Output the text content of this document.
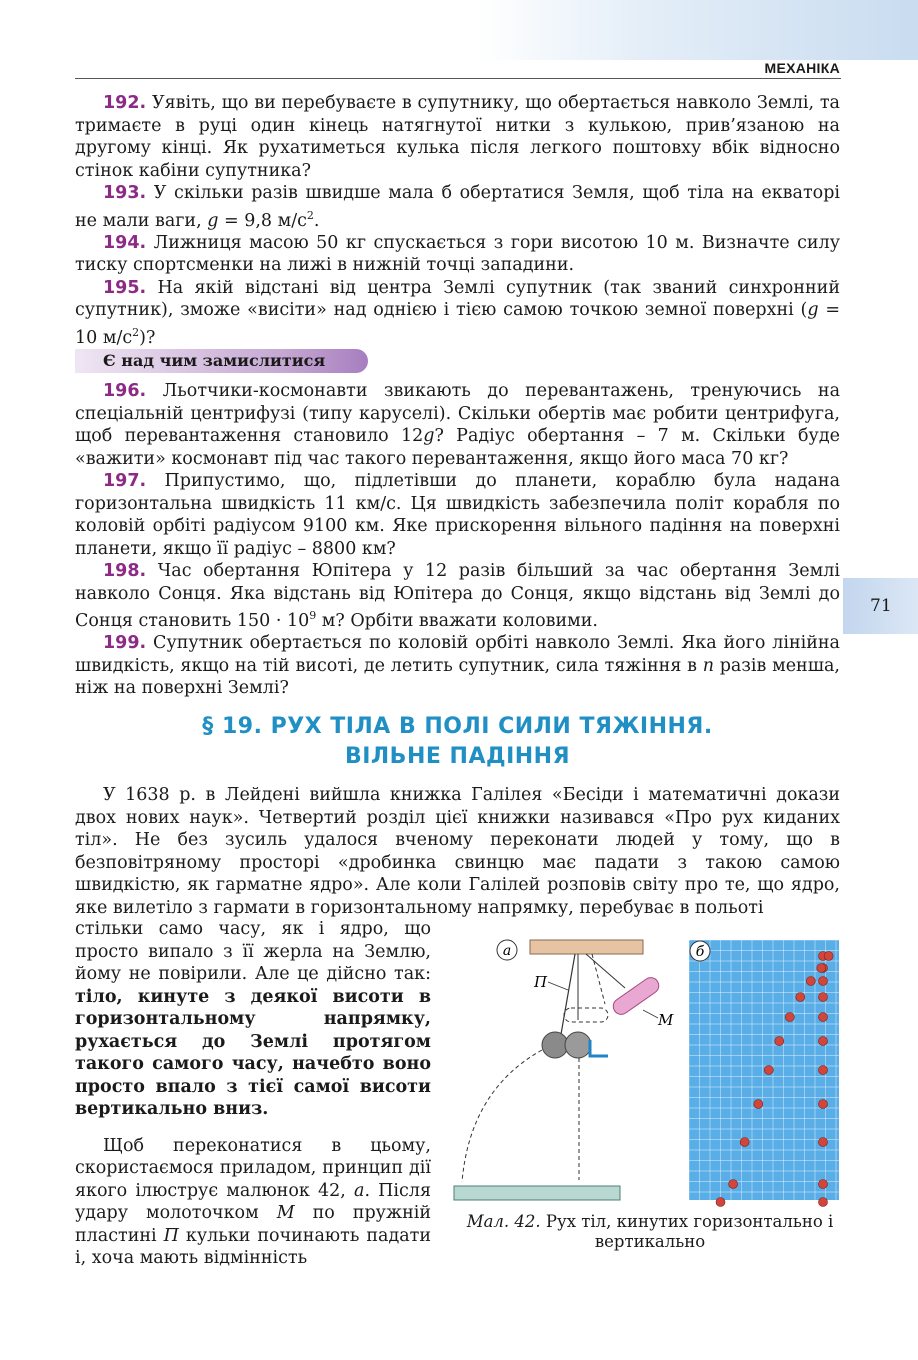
МЕХАНІКА
71

192. Уявіть, що ви перебуваєте в супутнику, що обертається навколо Землі, та тримаєте в руці один кінець натягнутої нитки з кулькою, прив’язаною на другому кінці. Як рухатиметься кулька після легкого поштовху вбік відносно стінок кабіни супутника?

193. У скільки разів швидше мала б обертатися Земля, щоб тіла на екваторі не мали ваги, g = 9,8 $м/с^2$.

194. Лижниця масою 50 кг спускається з гори висотою 10 м. Визначте силу тиску спортсменки на лижі в нижній точці западини.

195. На якій відстані від центра Землі супутник (так званий синхронний супутник), зможе «висіти» над однією і тією самою точкою земної поверхні (g = 10 $м/с^2$)?

Є над чим замислитися

196. Льотчики-космонавти звикають до перевантажень, тренуючись на спеціальній центрифузі (типу каруселі). Скільки обертів має робити центрифуга, щоб перевантаження становило 12g? Радіус обертання – 7 м. Скільки буде «важити» космонавт під час такого перевантаження, якщо його маса 70 кг?

197. Припустимо, що, підлетівши до планети, кораблю була надана горизонтальна швидкість 11 км/с. Ця швидкість забезпечила політ корабля по коловій орбіті радіусом 9100 км. Яке прискорення вільного падіння на поверхні планети, якщо її радіус – 8800 км?

198. Час обертання Юпітера у 12 разів більший за час обертання Землі навколо Сонця. Яка відстань від Юпітера до Сонця, якщо відстань від Землі до Сонця становить $150 \cdot 10^9$ м? Орбіти вважати коловими.

199. Супутник обертається по коловій орбіті навколо Землі. Яка його лінійна швидкість, якщо на тій висоті, де летить супутник, сила тяжіння в n разів менша, ніж на поверхні Землі?

§ 19. РУХ ТІЛА В ПОЛІ СИЛИ ТЯЖІННЯ.
ВІЛЬНЕ ПАДІННЯ

У 1638 р. в Лейдені вийшла книжка Галілея «Бесіди і математичні докази двох нових наук». Четвертий розділ цієї книжки називався «Про рух киданих тіл». Не без зусиль удалося вченому переконати людей у тому, що в безповітряному просторі «дробинка свинцю має падати з такою самою швидкістю, як гарматне ядро». Але коли Галілей розповів світу про те, що ядро, яке вилетіло з гармати в горизонтальному напрямку, перебуває в польоті

стільки само часу, як і ядро, що просто випало з її жерла на Землю, йому не повірили. Але це дійсно так: тіло, кинуте з деякої висоти в горизонтальному напрямку, рухається до Землі протягом такого самого часу, начебто воно просто впало з тієї самої висоти вертикально вниз.

Щоб переконатися в цьому, скористаємося приладом, принцип дії якого ілюструє малюнок 42, а. Після удару молоточком М по пружній пластині П кульки починають падати і, хоча мають відмінність

а
П
М
б
Мал. 42. Рух тіл, кинутих горизонтально і вертикально
